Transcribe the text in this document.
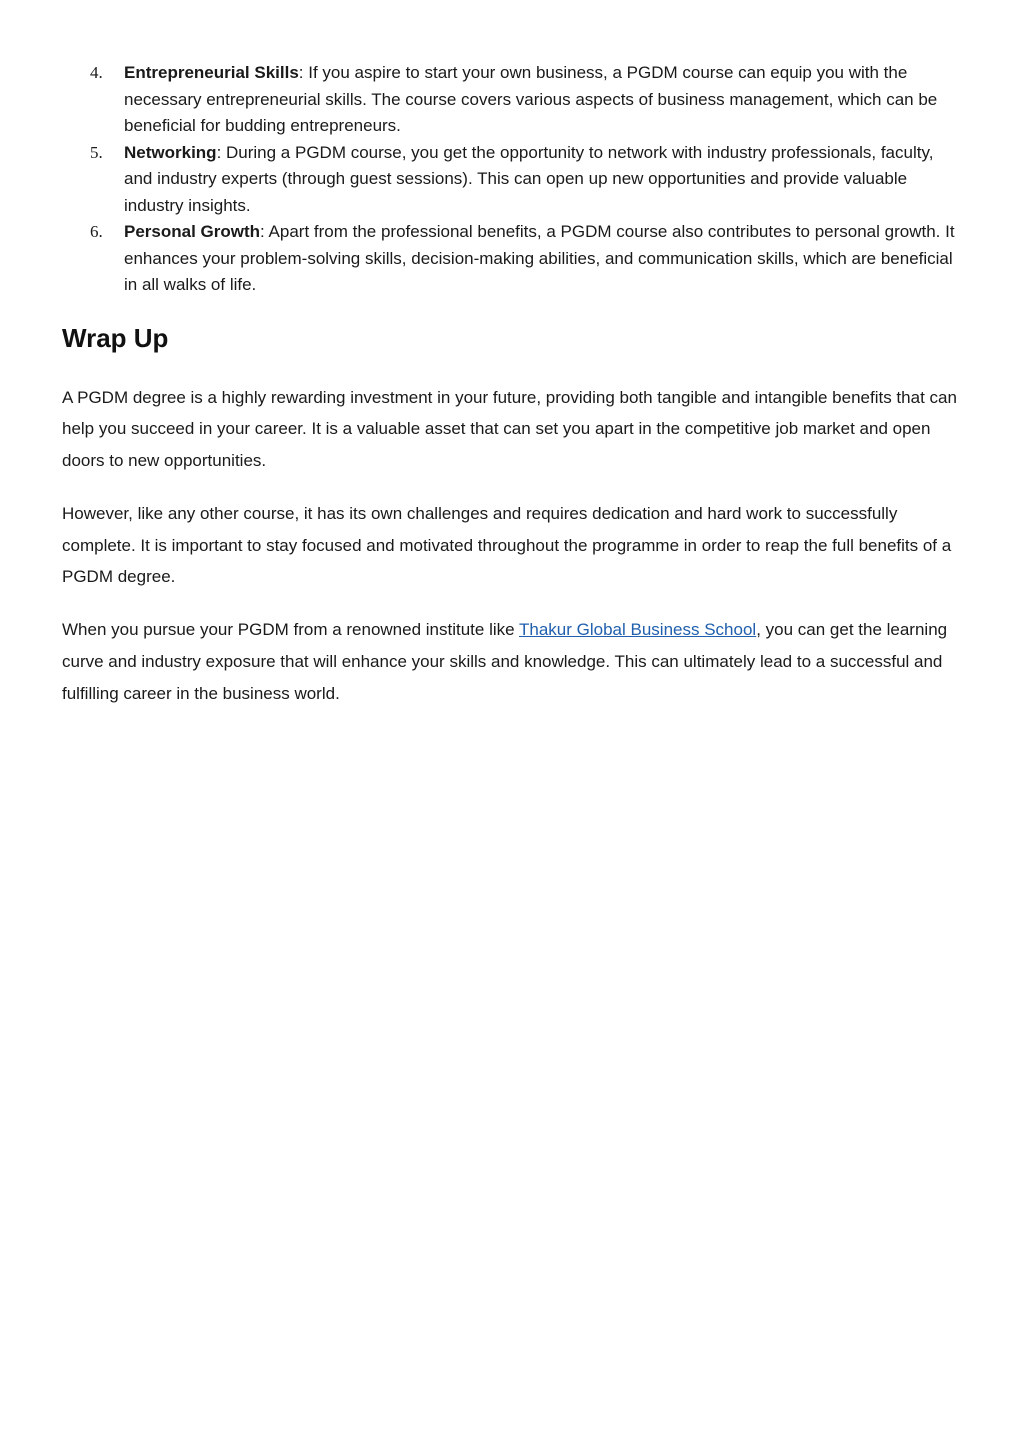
4. Entrepreneurial Skills: If you aspire to start your own business, a PGDM course can equip you with the necessary entrepreneurial skills. The course covers various aspects of business management, which can be beneficial for budding entrepreneurs.
5. Networking: During a PGDM course, you get the opportunity to network with industry professionals, faculty, and industry experts (through guest sessions). This can open up new opportunities and provide valuable industry insights.
6. Personal Growth: Apart from the professional benefits, a PGDM course also contributes to personal growth. It enhances your problem-solving skills, decision-making abilities, and communication skills, which are beneficial in all walks of life.
Wrap Up

A PGDM degree is a highly rewarding investment in your future, providing both tangible and intangible benefits that can help you succeed in your career. It is a valuable asset that can set you apart in the competitive job market and open doors to new opportunities.

However, like any other course, it has its own challenges and requires dedication and hard work to successfully complete. It is important to stay focused and motivated throughout the programme in order to reap the full benefits of a PGDM degree.

When you pursue your PGDM from a renowned institute like Thakur Global Business School, you can get the learning curve and industry exposure that will enhance your skills and knowledge. This can ultimately lead to a successful and fulfilling career in the business world.
